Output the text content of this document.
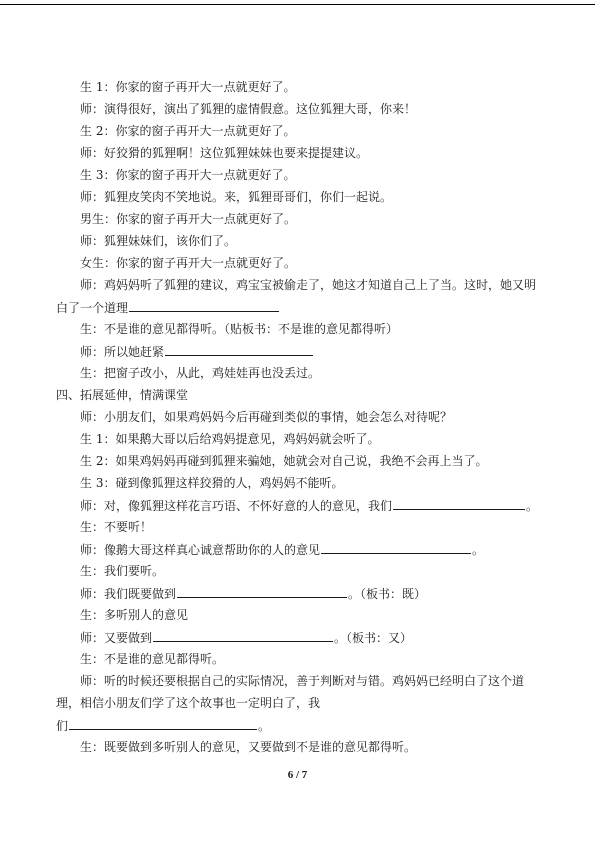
生 1：你家的窗子再开大一点就更好了。
师：演得很好，演出了狐狸的虚情假意。这位狐狸大哥，你来！
生 2：你家的窗子再开大一点就更好了。
师：好狡猾的狐狸啊！这位狐狸妹妹也要来提提建议。
生 3：你家的窗子再开大一点就更好了。
师：狐狸皮笑肉不笑地说。来，狐狸哥哥们，你们一起说。
男生：你家的窗子再开大一点就更好了。
师：狐狸妹妹们，该你们了。
女生：你家的窗子再开大一点就更好了。
师：鸡妈妈听了狐狸的建议，鸡宝宝被偷走了，她这才知道自己上了当。这时，她又明
白了一个道理
生：不是谁的意见都得听。（贴板书：不是谁的意见都得听）
师：所以她赶紧
生：把窗子改小，从此，鸡娃娃再也没丢过。
四、拓展延伸，情满课堂
师：小朋友们，如果鸡妈妈今后再碰到类似的事情，她会怎么对待呢？
生 1：如果鹅大哥以后给鸡妈提意见，鸡妈妈就会听了。
生 2：如果鸡妈妈再碰到狐狸来骗她，她就会对自己说，我绝不会再上当了。
生 3：碰到像狐狸这样狡猾的人，鸡妈妈不能听。
师：对，像狐狸这样花言巧语、不怀好意的人的意见，我们	。
生：不要听！
师：像鹅大哥这样真心诚意帮助你的人的意见	。
生：我们要听。
师：我们既要做到	。（板书：既）
生：多听别人的意见
师：又要做到	。（板书：又）
生：不是谁的意见都得听。
师：听的时候还要根据自己的实际情况，善于判断对与错。鸡妈妈已经明白了这个道
理，相信小朋友们学了这个故事也一定明白了，我
们	。
生：既要做到多听别人的意见，又要做到不是谁的意见都得听。
6 / 7
